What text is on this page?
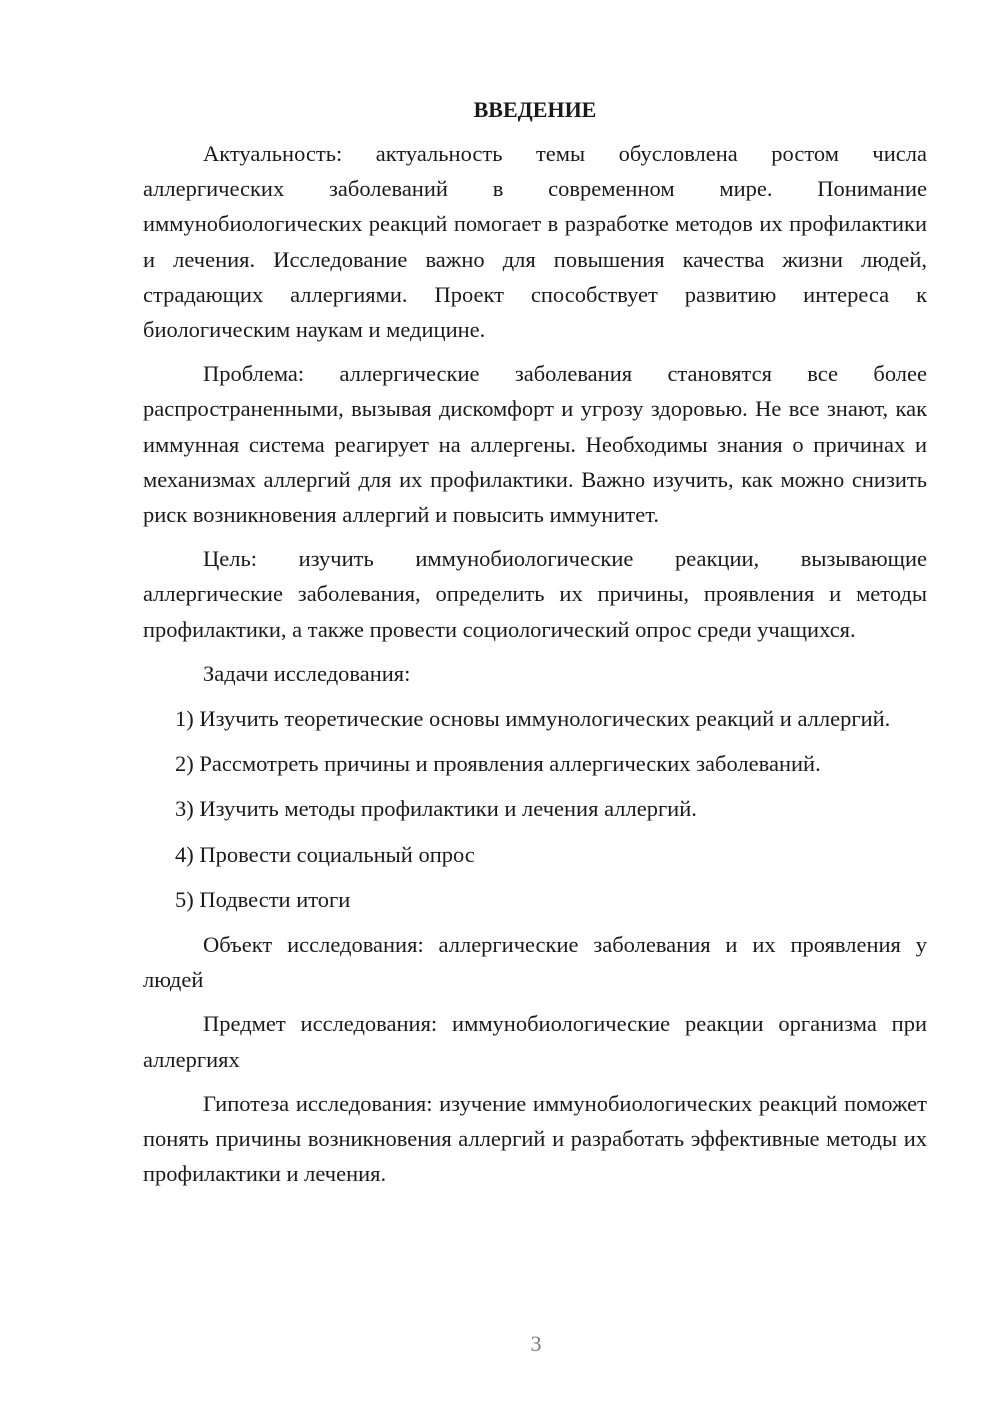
ВВЕДЕНИЕ

Актуальность: актуальность темы обусловлена ростом числа аллергических заболеваний в современном мире. Понимание иммунобиологических реакций помогает в разработке методов их профилактики и лечения. Исследование важно для повышения качества жизни людей, страдающих аллергиями. Проект способствует развитию интереса к биологическим наукам и медицине.

Проблема: аллергические заболевания становятся все более распространенными, вызывая дискомфорт и угрозу здоровью. Не все знают, как иммунная система реагирует на аллергены. Необходимы знания о причинах и механизмах аллергий для их профилактики. Важно изучить, как можно снизить риск возникновения аллергий и повысить иммунитет.

Цель: изучить иммунобиологические реакции, вызывающие аллергические заболевания, определить их причины, проявления и методы профилактики, а также провести социологический опрос среди учащихся.

Задачи исследования:

1) Изучить теоретические основы иммунологических реакций и аллергий.

2) Рассмотреть причины и проявления аллергических заболеваний.

3) Изучить методы профилактики и лечения аллергий.

4) Провести социальный опрос

5) Подвести итоги

Объект исследования: аллергические заболевания и их проявления у людей

Предмет исследования: иммунобиологические реакции организма при аллергиях

Гипотеза исследования: изучение иммунобиологических реакций поможет понять причины возникновения аллергий и разработать эффективные методы их профилактики и лечения.

3
